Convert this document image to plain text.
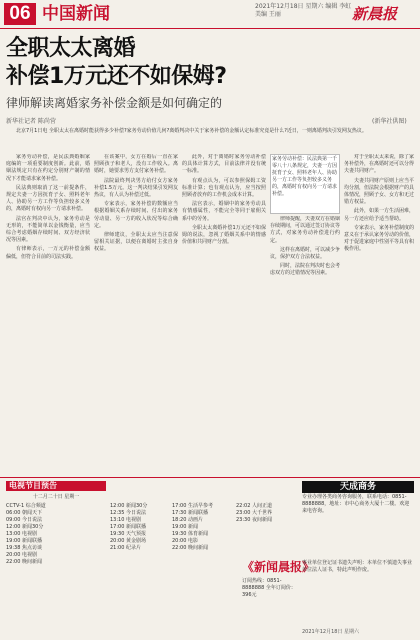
06 中国新闻	2021年12月18日 星期六 编辑 李虹 美编 王丽	新晨报
全职太太离婚
补偿1万元还不如保姆?
律师解读离婚家务补偿金额是如何确定的
新华社记者 陈尚营	(新华社供图)
北京7月1日电 全职太太在离婚时能获得多少补偿?家务劳动价值几何?离婚判决中关于家务补偿的金额认定标准究竟是什么?近日，一则离婚判决引发网友热议。

家务劳动补偿，是民法典婚姻家庭编的一项重要制度创新。此前，婚姻法规定只有在约定分别财产制的情况下才能请求家务补偿。

民法典则取消了这一前提条件，规定夫妻一方因抚育子女、照料老年人、协助另一方工作等负担较多义务的，离婚时有权向另一方请求补偿。

法官在判决中认为，家务劳动是无形的，不能简单以金钱衡量，应当综合考虑婚姻存续时间、双方经济状况等因素。

有律师表示，一万元的补偿金额偏低，但符合目前的司法实践。

在该案中，女方在婚后一直在家照顾孩子和老人，没有工作收入。离婚时，她要求男方支付家务补偿。

法院最终判决男方给付女方家务补偿1.5万元。这一判决结果引发网友热议，有人认为补偿过低。

专家表示，家务补偿的数额应当根据婚姻关系存续时间、付出的家务劳动量、另一方的收入状况等综合确定。

律师建议，全职太太应当注意保留相关证据，以便在离婚时主张自身权益。

此外，对于离婚时家务劳动补偿的具体计算方式，目前法律并没有统一标准。

有观点认为，可以参照保姆工资标准计算；也有观点认为，应当按照照顾者放弃的工作机会成本计算。

法官表示，婚姻中的家务劳动具有情感属性，不能完全等同于雇佣关系中的劳务。

全职太太离婚补偿1万元还不如保姆的说法，忽视了婚姻关系中的情感价值和共同财产分割。

家务劳动补偿：民法典第一千零八十八条规定，夫妻一方因抚育子女、照料老年人、协助另一方工作等负担较多义务的，离婚时有权向另一方请求补偿。

律师提醒，夫妻双方在婚姻存续期间，可以通过签订协议等方式，对家务劳动补偿进行约定。

这样在离婚时，可以减少争议，保护双方合法权益。

同时，法院在判决时也会考虑双方的过错情况等因素。

对于全职太太来说，除了家务补偿外，在离婚时还可以分得夫妻共同财产。

夫妻共同财产原则上应当平均分割，但法院会根据财产的具体情况，照顾子女、女方和无过错方权益。

此外，如果一方生活困难，另一方还应给予适当帮助。

专家表示，家务补偿制度的意义在于承认家务劳动的价值，对于促进家庭中性别平等具有积极作用。

电视节目预告
十二月二十日 星期一
CCTV-1 综合频道
06:00 朝闻天下
09:00 今日说法
12:00 新闻30分
13:00 电视剧
19:00 新闻联播
19:38 焦点访谈
20:00 电视剧
22:00 晚间新闻
12:00 新闻30分
12:35 今日说法
13:10 电视剧
17:00 新闻联播
19:30 天气预报
20:00 黄金剧场
21:00 纪录片
17:00 生活早参考
17:30 新闻联播
18:20 动画片
19:00 新闻
19:30 体育新闻
20:00 电影
22:00 晚间新闻
22:02 人间正道
23:00 大千世界
23:30 夜间新闻
天成商务
专业办理各类商务咨询服务，联系电话：0851-8888888，地址：市中心商务大厦十二楼。欢迎来电咨询。
《新闻晨报》
订阅热线：0851-8888888 全年订阅价：396元
事业单位登记证书遗失声明：本单位不慎遗失事业单位法人证书，特此声明作废。
2021年12月18日 星期六
